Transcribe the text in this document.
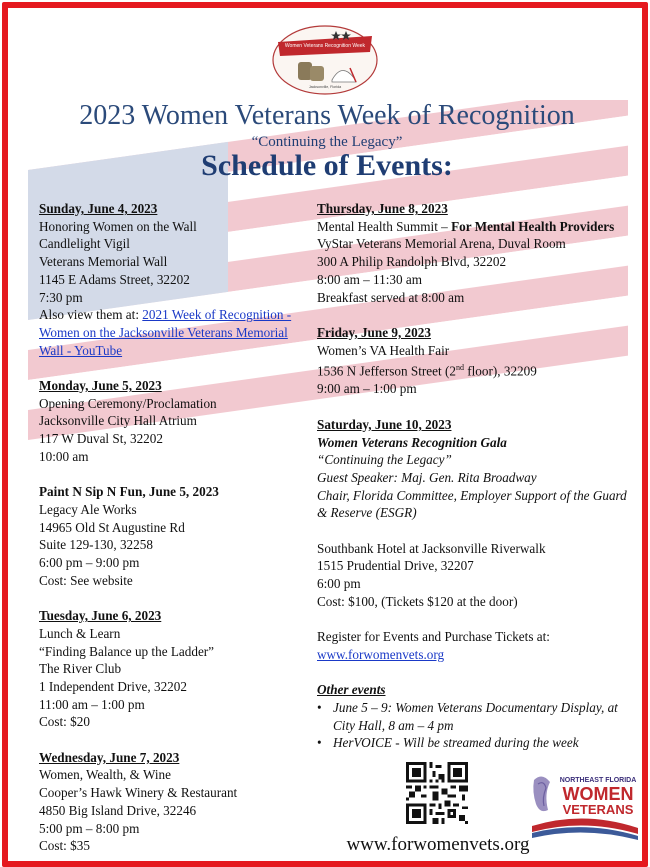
Women Veterans Recognition Week
Jacksonville, Florida
2023 Women Veterans Week of Recognition
“Continuing the Legacy”
Schedule of Events:

Sunday, June 4, 2023

Honoring Women on the Wall

Candlelight Vigil

Veterans Memorial Wall

1145 E Adams Street, 32202

7:30 pm

Also view them at: 2021 Week of Recognition - Women on the Jacksonville Veterans Memorial Wall - YouTube

Monday, June 5, 2023

Opening Ceremony/Proclamation

Jacksonville City Hall Atrium

117 W Duval St, 32202

10:00 am

Paint N Sip N Fun, June 5, 2023

Legacy Ale Works

14965 Old St Augustine Rd

Suite 129-130, 32258

6:00 pm – 9:00 pm

Cost: See website

Tuesday, June 6, 2023

Lunch & Learn

“Finding Balance up the Ladder”

The River Club

1 Independent Drive, 32202

11:00 am – 1:00 pm

Cost: $20

Wednesday, June 7, 2023

Women, Wealth, & Wine

Cooper’s Hawk Winery & Restaurant

4850 Big Island Drive, 32246

5:00 pm – 8:00 pm

Cost: $35

Thursday, June 8, 2023

Mental Health Summit – For Mental Health Providers

VyStar Veterans Memorial Arena, Duval Room

300 A Philip Randolph Blvd, 32202

8:00 am – 11:30 am

Breakfast served at 8:00 am

Friday, June 9, 2023

Women’s VA Health Fair

1536 N Jefferson Street (2nd floor), 32209

9:00 am – 1:00 pm

Saturday, June 10, 2023

Women Veterans Recognition Gala

“Continuing the Legacy”

Guest Speaker: Maj. Gen. Rita Broadway

Chair, Florida Committee, Employer Support of the Guard & Reserve (ESGR)

Southbank Hotel at Jacksonville Riverwalk

1515 Prudential Drive, 32207

6:00 pm

Cost: $100, (Tickets $120 at the door)

Register for Events and Purchase Tickets at:

www.forwomenvets.org

Other events

• June 5 – 9: Women Veterans Documentary Display, at City Hall, 8 am – 4 pm
• HerVOICE - Will be streamed during the week
NORTHEAST FLORIDA
WOMEN
VETERANS
www.forwomenvets.org
